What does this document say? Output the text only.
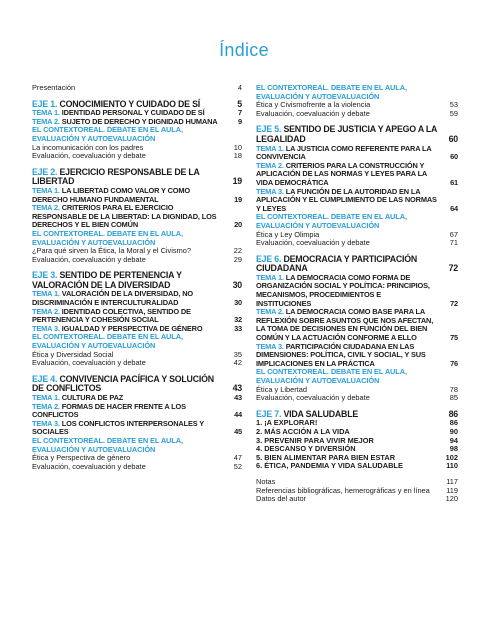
Índice
Presentación	4
EJE 1. CONOCIMIENTO Y CUIDADO DE SÍ	5
TEMA 1. IDENTIDAD PERSONAL Y CUIDADO DE SÍ	7
TEMA 2. SUJETO DE DERECHO Y DIGNIDAD HUMANA	9
EL CONTEXTOREAL. DEBATE EN EL AULA, EVALUACIÓN Y AUTOEVALUACIÓN
La incomunicación con los padres	10
Evaluación, coevaluación y debate	18
EJE 2. EJERCICIO RESPONSABLE DE LA LIBERTAD	19
TEMA 1. LA LIBERTAD COMO VALOR Y COMO DERECHO HUMANO FUNDAMENTAL	19
TEMA 2. CRITERIOS PARA EL EJERCICIO RESPONSABLE DE LA LIBERTAD: LA DIGNIDAD, LOS DERECHOS Y EL BIEN COMÚN	20
EL CONTEXTOREAL. DEBATE EN EL AULA, EVALUACIÓN Y AUTOEVALUACIÓN
¿Para qué sirven la Ética, la Moral y el Civismo?	22
Evaluación, coevaluación y debate	29
EJE 3. SENTIDO DE PERTENENCIA Y VALORACIÓN DE LA DIVERSIDAD	30
TEMA 1. VALORACIÓN DE LA DIVERSIDAD, NO DISCRIMINACIÓN E INTERCULTURALIDAD	30
TEMA 2. IDENTIDAD COLECTIVA, SENTIDO DE PERTENENCIA Y COHESIÓN SOCIAL	32
TEMA 3. IGUALDAD Y PERSPECTIVA DE GÉNERO	33
EL CONTEXTOREAL. DEBATE EN EL AULA, EVALUACIÓN Y AUTOEVALUACIÓN
Ética y Diversidad Social	35
Evaluación, coevaluación y debate	42
EJE 4. CONVIVENCIA PACÍFICA Y SOLUCIÓN DE CONFLICTOS	43
TEMA 1. CULTURA DE PAZ	43
TEMA 2. FORMAS DE HACER FRENTE A LOS CONFLICTOS	44
TEMA 3. LOS CONFLICTOS INTERPERSONALES Y SOCIALES	45
EL CONTEXTOREAL. DEBATE EN EL AULA, EVALUACIÓN Y AUTOEVALUACIÓN
Ética y Perspectiva de género	47
Evaluación, coevaluación y debate	52
EL CONTEXTOREAL. DEBATE EN EL AULA, EVALUACIÓN Y AUTOEVALUACIÓN
Ética y Civismofrente a la violencia	53
Evaluación, coevaluación y debate	59
EJE 5. SENTIDO DE JUSTICIA Y APEGO A LA LEGALIDAD	60
TEMA 1. LA JUSTICIA COMO REFERENTE PARA LA CONVIVENCIA	60
TEMA 2. CRITERIOS PARA LA CONSTRUCCIÓN Y APLICACIÓN DE LAS NORMAS Y LEYES PARA LA VIDA DEMOCRÁTICA	61
TEMA 3. LA FUNCIÓN DE LA AUTORIDAD EN LA APLICACIÓN Y EL CUMPLIMIENTO DE LAS NORMAS Y LEYES	64
EL CONTEXTOREAL. DEBATE EN EL AULA, EVALUACIÓN Y AUTOEVALUACIÓN
Ética y Ley Olimpia	67
Evaluación, coevaluación y debate	71
EJE 6. DEMOCRACIA Y PARTICIPACIÓN CIUDADANA	72
TEMA 1. LA DEMOCRACIA COMO FORMA DE ORGANIZACIÓN SOCIAL Y POLÍTICA: PRINCIPIOS, MECANISMOS, PROCEDIMIENTOS E INSTITUCIONES	72
TEMA 2. LA DEMOCRACIA COMO BASE PARA LA REFLEXIÓN SOBRE ASUNTOS QUE NOS AFECTAN, LA TOMA DE DECISIONES EN FUNCIÓN DEL BIEN COMÚN Y LA ACTUACIÓN CONFORME A ELLO	75
TEMA 3. PARTICIPACIÓN CIUDADANA EN LAS DIMENSIONES: POLÍTICA, CIVIL Y SOCIAL, Y SUS IMPLICACIONES EN LA PRÁCTICA	76
EL CONTEXTOREAL. DEBATE EN EL AULA, EVALUACIÓN Y AUTOEVALUACIÓN
Ética y Libertad	78
Evaluación, coevaluación y debate	85
EJE 7. VIDA SALUDABLE	86
1. ¡A EXPLORAR!	86
2. MÁS ACCIÓN A LA VIDA	90
3. PREVENIR PARA VIVIR MEJOR	94
4. DESCANSO Y DIVERSIÓN	98
5. BIEN ALIMENTAR PARA BIEN ESTAR	102
6. ÉTICA, PANDEMIA Y VIDA SALUDABLE	110
Notas	117
Referencias bibliográficas, hemerográficas y en línea	119
Datos del autor	120
